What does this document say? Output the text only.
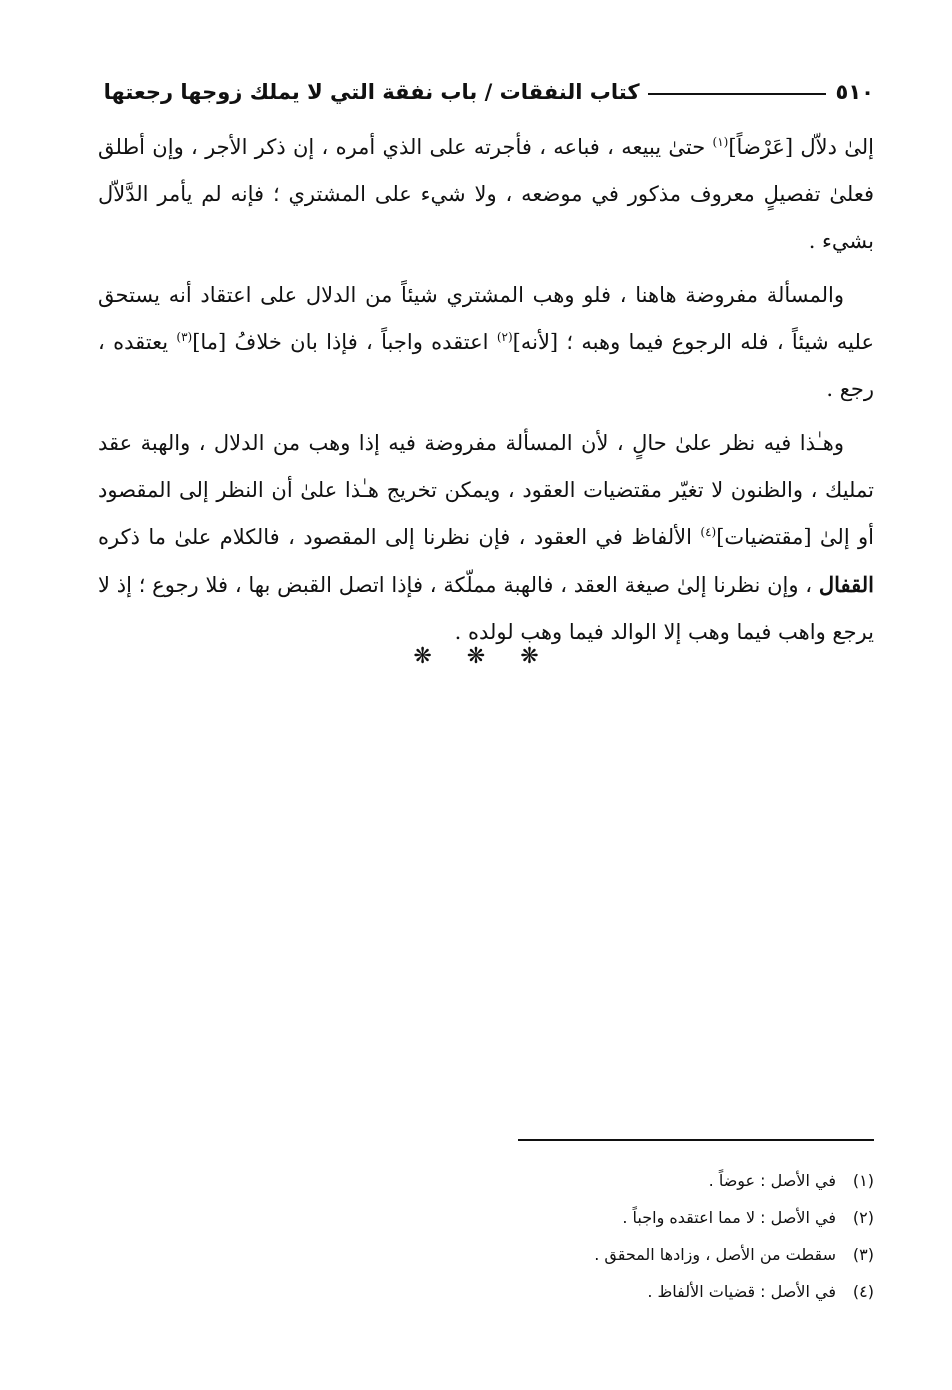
٥١٠
كتاب النفقات / باب نفقة التي لا يملك زوجها رجعتها

إلىٰ دلاّل [عَرْضاً]$^{(١)}$ حتىٰ يبيعه ، فباعه ، فأجرته على الذي أمره ، إن ذكر الأجر ، وإن أطلق فعلىٰ تفصيلٍ معروف مذكور في موضعه ، ولا شيء على المشتري ؛ فإنه لم يأمر الدَّلاّل بشيء .

والمسألة مفروضة هاهنا ، فلو وهب المشتري شيئاً من الدلال على اعتقاد أنه يستحق عليه شيئاً ، فله الرجوع فيما وهبه ؛ [لأنه]$^{(٢)}$ اعتقده واجباً ، فإذا بان خلافُ [ما]$^{(٣)}$ يعتقده ، رجع .

وهـٰذا فيه نظر علىٰ حالٍ ، لأن المسألة مفروضة فيه إذا وهب من الدلال ، والهبة عقد تمليك ، والظنون لا تغيّر مقتضيات العقود ، ويمكن تخريج هـٰذا علىٰ أن النظر إلى المقصود أو إلىٰ [مقتضيات]$^{(٤)}$ الألفاظ في العقود ، فإن نظرنا إلى المقصود ، فالكلام علىٰ ما ذكره القفال ، وإن نظرنا إلىٰ صيغة العقد ، فالهبة مملّكة ، فإذا اتصل القبض بها ، فلا رجوع ؛ إذ لا يرجع واهب فيما وهب إلا الوالد فيما وهب لولده .

❋ ❋ ❋
(١)
في الأصل : عوضاً .
(٢)
في الأصل : لا مما اعتقده واجباً .
(٣)
سقطت من الأصل ، وزادها المحقق .
(٤)
في الأصل : قضيات الألفاظ .
